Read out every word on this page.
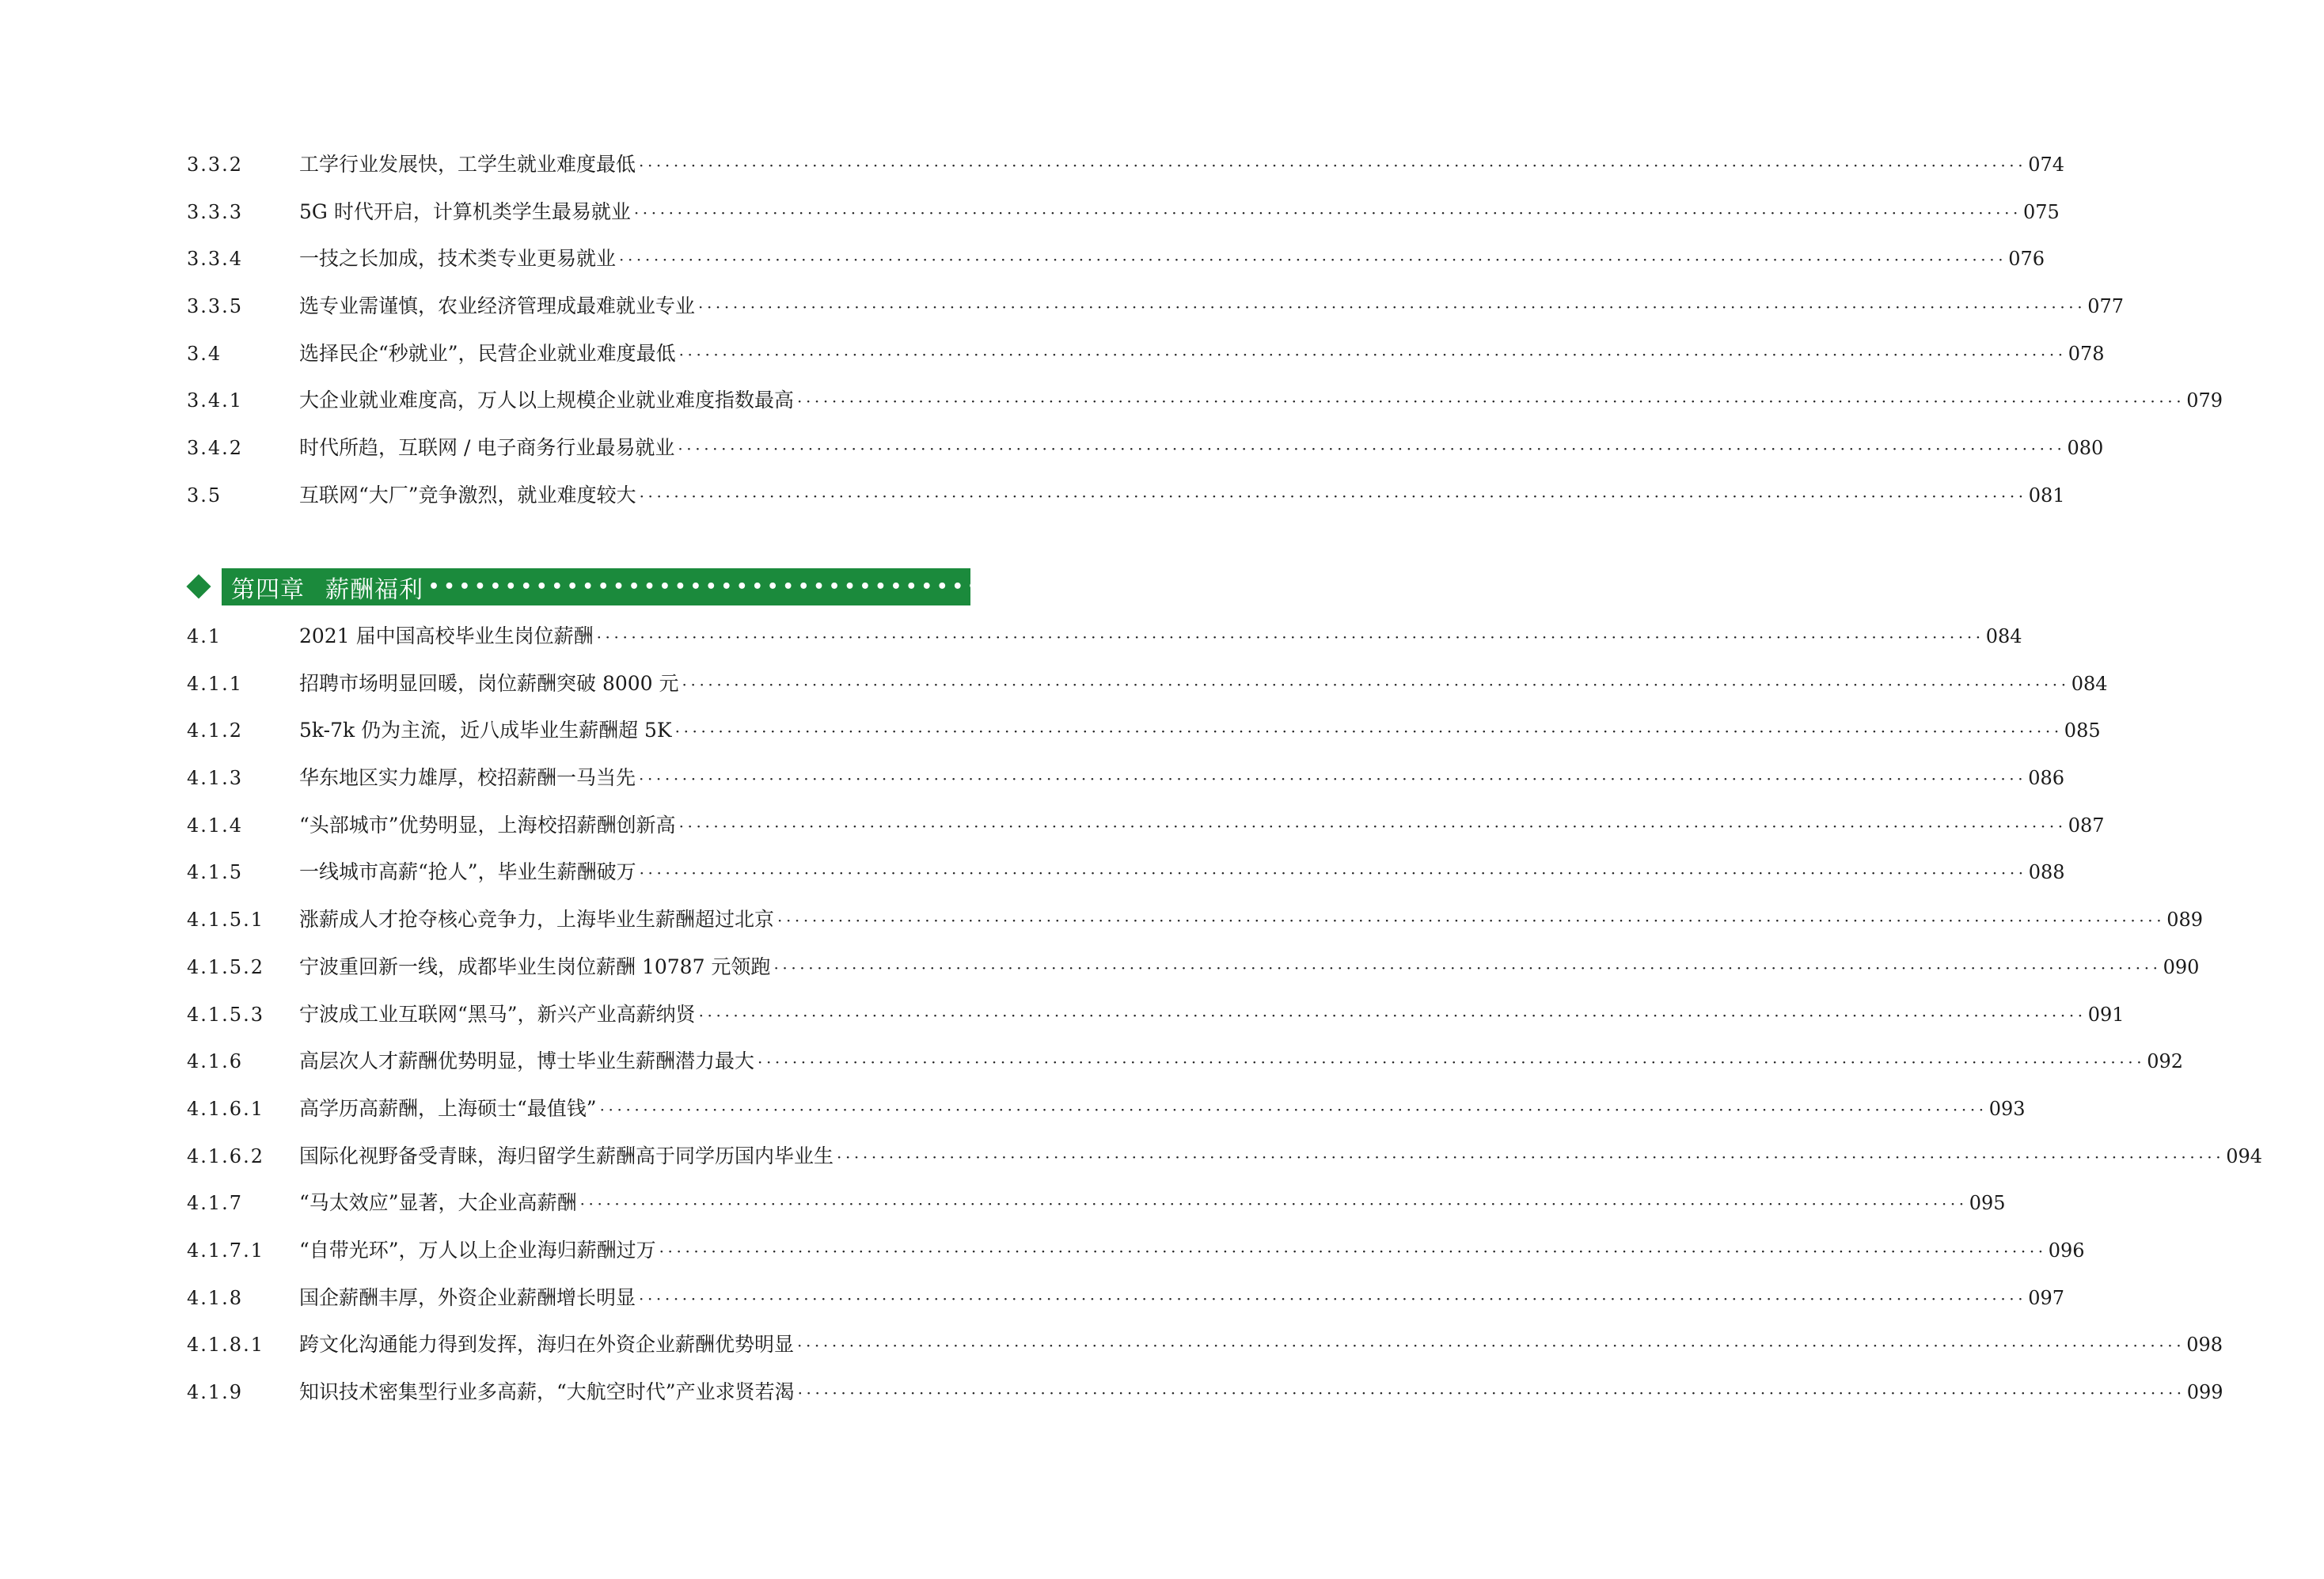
3.3.2	工学行业发展快，工学生就业难度最低 ································································································································································ 074
3.3.3	5G 时代开启，计算机类学生最易就业 ································································································································································ 075
3.3.4	一技之长加成，技术类专业更易就业 ································································································································································ 076
3.3.5	选专业需谨慎，农业经济管理成最难就业专业 ································································································································································ 077
3.4	选择民企“秒就业”，民营企业就业难度最低 ································································································································································ 078
3.4.1	大企业就业难度高，万人以上规模企业就业难度指数最高 ································································································································································ 079
3.4.2	时代所趋，互联网 / 电子商务行业最易就业 ································································································································································ 080
3.5	互联网“大厂”竞争激烈，就业难度较大 ································································································································································ 081
第四章 薪酬福利 •••••••••••••••••••••••••••••••••••••••••••••••••••••••••••••••••••••••••••••••••••••••••••••••••••••••••••••••••••••••• 083
4.1	2021 届中国高校毕业生岗位薪酬 ································································································································································ 084
4.1.1	招聘市场明显回暖，岗位薪酬突破 8000 元 ································································································································································ 084
4.1.2	5k-7k 仍为主流，近八成毕业生薪酬超 5K ································································································································································ 085
4.1.3	华东地区实力雄厚，校招薪酬一马当先 ································································································································································ 086
4.1.4	“头部城市”优势明显，上海校招薪酬创新高 ································································································································································ 087
4.1.5	一线城市高薪“抢人”，毕业生薪酬破万 ································································································································································ 088
4.1.5.1	涨薪成人才抢夺核心竞争力，上海毕业生薪酬超过北京 ································································································································································ 089
4.1.5.2	宁波重回新一线，成都毕业生岗位薪酬 10787 元领跑 ································································································································································ 090
4.1.5.3	宁波成工业互联网“黑马”，新兴产业高薪纳贤 ································································································································································ 091
4.1.6	高层次人才薪酬优势明显，博士毕业生薪酬潜力最大 ································································································································································ 092
4.1.6.1	高学历高薪酬，上海硕士“最值钱” ································································································································································ 093
4.1.6.2	国际化视野备受青睐，海归留学生薪酬高于同学历国内毕业生 ································································································································································ 094
4.1.7	“马太效应”显著，大企业高薪酬 ································································································································································ 095
4.1.7.1	“自带光环”，万人以上企业海归薪酬过万 ································································································································································ 096
4.1.8	国企薪酬丰厚，外资企业薪酬增长明显 ································································································································································ 097
4.1.8.1	跨文化沟通能力得到发挥，海归在外资企业薪酬优势明显 ································································································································································ 098
4.1.9	知识技术密集型行业多高薪，“大航空时代”产业求贤若渴 ································································································································································ 099
